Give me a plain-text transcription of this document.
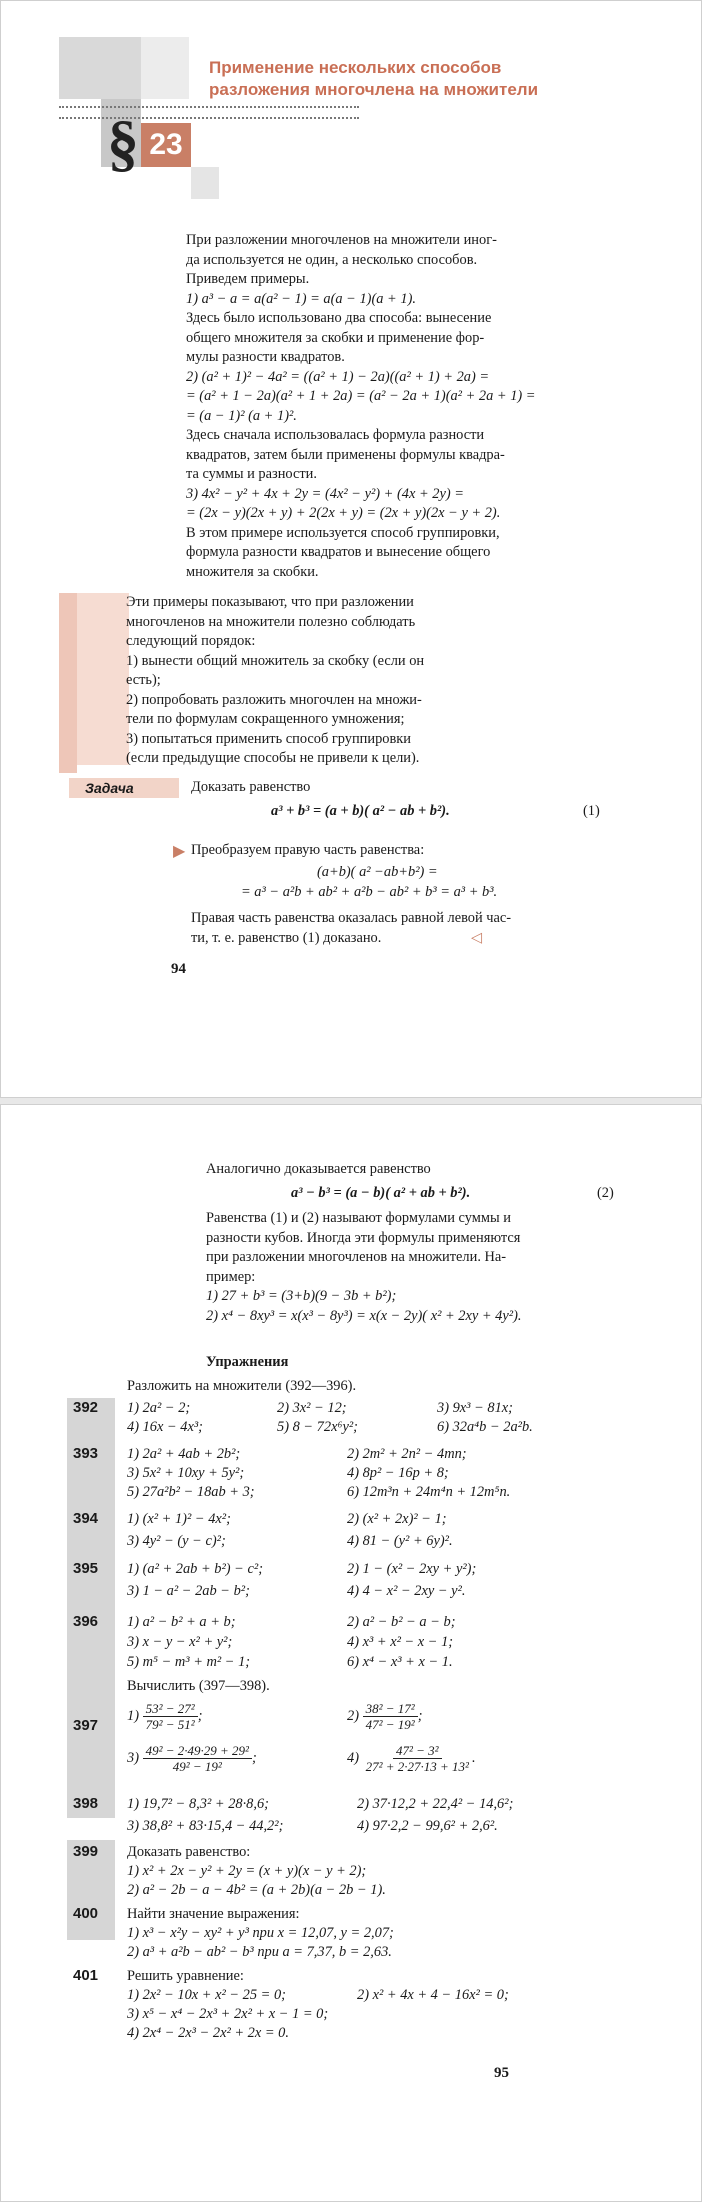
§ 23
Применение нескольких способов
разложения многочлена на множители
При разложении многочленов на множители иног-
да используется не один, а несколько способов.
Приведем примеры.
1) a³ − a = a(a² − 1) = a(a − 1)(a + 1).
Здесь было использовано два способа: вынесение
общего множителя за скобки и применение фор-
мулы разности квадратов.
2) (a² + 1)² − 4a² = ((a² + 1) − 2a)((a² + 1) + 2a) =
= (a² + 1 − 2a)(a² + 1 + 2a) = (a² − 2a + 1)(a² + 2a + 1) =
= (a − 1)² (a + 1)².
Здесь сначала использовалась формула разности
квадратов, затем были применены формулы квадра-
та суммы и разности.
3) 4x² − y² + 4x + 2y = (4x² − y²) + (4x + 2y) =
= (2x − y)(2x + y) + 2(2x + y) = (2x + y)(2x − y + 2).
В этом примере используется способ группировки,
формула разности квадратов и вынесение общего
множителя за скобки.
Эти примеры показывают, что при разложении
многочленов на множители полезно соблюдать
следующий порядок:
1) вынести общий множитель за скобку (если он
есть);
2) попробовать разложить многочлен на множи-
тели по формулам сокращенного умножения;
3) попытаться применить способ группировки
(если предыдущие способы не привели к цели).
Задача	Доказать равенство
a³ + b³ = (a + b)( a² − ab + b²).	(1)
▶ Преобразуем правую часть равенства:
(a+b)( a² −ab+b²) =
= a³ − a²b + ab² + a²b − ab² + b³ = a³ + b³.
Правая часть равенства оказалась равной левой час-
ти, т. е. равенство (1) доказано.	◁
94
Аналогично доказывается равенство
a³ − b³ = (a − b)( a² + ab + b²).	(2)
Равенства (1) и (2) называют формулами суммы и
разности кубов. Иногда эти формулы применяются
при разложении многочленов на множители. На-
пример:
1) 27 + b³ = (3+b)(9 − 3b + b²);
2) x⁴ − 8xy³ = x(x³ − 8y³) = x(x − 2y)( x² + 2xy + 4y²).
Упражнения
Разложить на множители (392—396).
392 1) 2a² − 2;	2) 3x² − 12;	3) 9x³ − 81x;
4) 16x − 4x³;	5) 8 − 72x⁶y²;	6) 32a⁴b − 2a²b.
393 1) 2a² + 4ab + 2b²;	2) 2m² + 2n² − 4mn;
3) 5x² + 10xy + 5y²;	4) 8p² − 16p + 8;
5) 27a²b² − 18ab + 3;	6) 12m³n + 24m⁴n + 12m⁵n.
394 1) (x² + 1)² − 4x²;	2) (x² + 2x)² − 1;
3) 4y² − (y − c)²;	4) 81 − (y² + 6y)².
395 1) (a² + 2ab + b²) − c²;	2) 1 − (x² − 2xy + y²);
3) 1 − a² − 2ab − b²;	4) 4 − x² − 2xy − y².
396 1) a² − b² + a + b;	2) a² − b² − a − b;
3) x − y − x² + y²;	4) x³ + x² − x − 1;
5) m⁵ − m³ + m² − 1;	6) x⁴ − x³ + x − 1.
Вычислить (397—398).
397
$1) \frac{\text{53² − 27²}}{\text{79² − 51²}}$ ;	$2) \frac{\text{38² − 17²}}{\text{47² − 19²}}$ ;
$3) \frac{\text{49² − 2·49·29 + 29²}}{\text{49² − 19²}}$ ;	$4) \frac{\text{47² − 3²}}{\text{27² + 2·27·13 + 13²}}$ .
398 1) 19,7² − 8,3² + 28·8,6;	2) 37·12,2 + 22,4² − 14,6²;
3) 38,8² + 83·15,4 − 44,2²;	4) 97·2,2 − 99,6² + 2,6².
399 Доказать равенство:
1) x² + 2x − y² + 2y = (x + y)(x − y + 2);
2) a² − 2b − a − 4b² = (a + 2b)(a − 2b − 1).
400 Найти значение выражения:
1) x³ − x²y − xy² + y³ при x = 12,07, y = 2,07;
2) a³ + a²b − ab² − b³ при a = 7,37, b = 2,63.
401 Решить уравнение:
1) 2x² − 10x + x² − 25 = 0;	2) x² + 4x + 4 − 16x² = 0;
3) x⁵ − x⁴ − 2x³ + 2x² + x − 1 = 0;
4) 2x⁴ − 2x³ − 2x² + 2x = 0.
95
